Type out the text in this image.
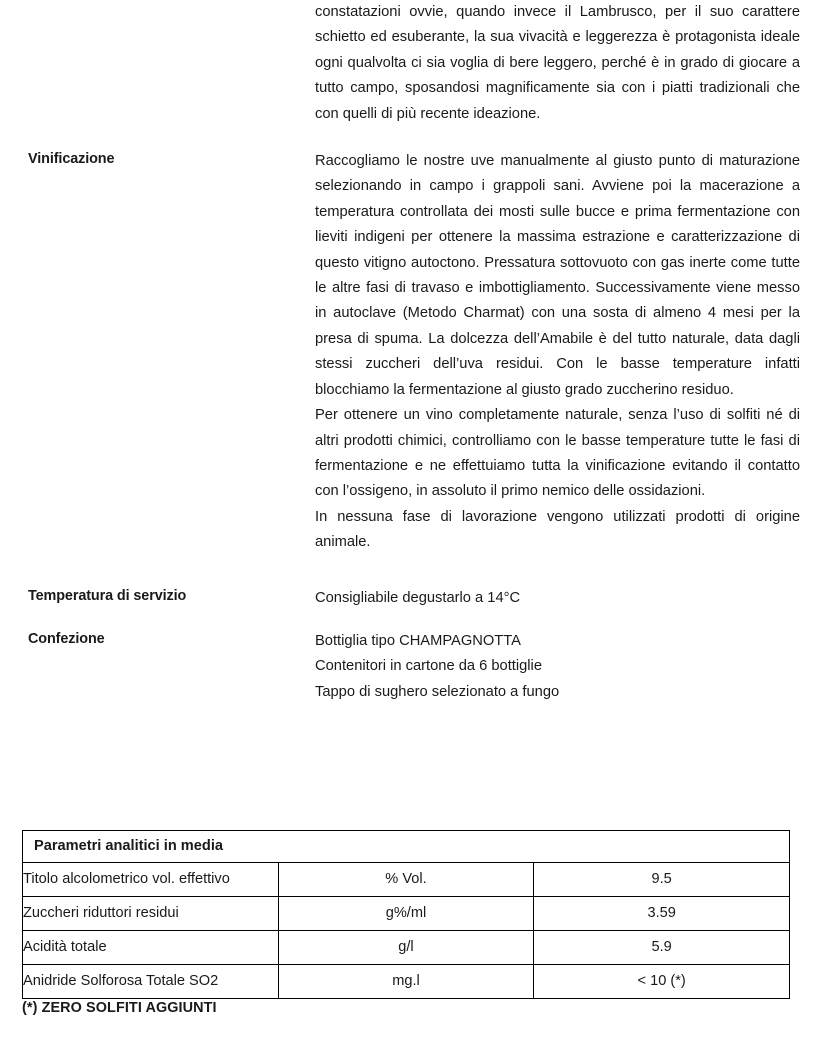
constatazioni ovvie, quando invece il Lambrusco, per il suo carattere schietto ed esuberante, la sua vivacità e leggerezza è protagonista ideale ogni qualvolta ci sia voglia di bere leggero, perché è in grado di giocare a tutto campo, sposandosi magnificamente sia con i piatti tradizionali che con quelli di più recente ideazione.

Vinificazione	Raccogliamo le nostre uve manualmente al giusto punto di maturazione selezionando in campo i grappoli sani. Avviene poi la macerazione a temperatura controllata dei mosti sulle bucce e prima fermentazione con lieviti indigeni per ottenere la massima estrazione e caratterizzazione di questo vitigno autoctono. Pressatura sottovuoto con gas inerte come tutte le altre fasi di travaso e imbottigliamento. Successivamente viene messo in autoclave (Metodo Charmat) con una sosta di almeno 4 mesi per la presa di spuma. La dolcezza dell’Amabile è del tutto naturale, data dagli stessi zuccheri dell’uva residui. Con le basse temperature infatti blocchiamo la fermentazione al giusto grado zuccherino residuo.

Per ottenere un vino completamente naturale, senza l’uso di solfiti né di altri prodotti chimici, controlliamo con le basse temperature tutte le fasi di fermentazione e ne effettuiamo tutta la vinificazione evitando il contatto con l’ossigeno, in assoluto il primo nemico delle ossidazioni.

In nessuna fase di lavorazione vengono utilizzati prodotti di origine animale.

Temperatura di servizio	Consigliabile degustarlo a 14°C

Confezione	Bottiglia tipo CHAMPAGNOTTA

Contenitori in cartone da 6 bottiglie

Tappo di sughero selezionato a fungo

Parametri analitici in media		
Titolo alcolometrico vol. effettivo	% Vol.	9.5
Zuccheri riduttori residui	g%/ml	3.59
Acidità totale	g/l	5.9
Anidride Solforosa Totale SO2	mg.l	< 10 (*)
(*) ZERO SOLFITI AGGIUNTI
